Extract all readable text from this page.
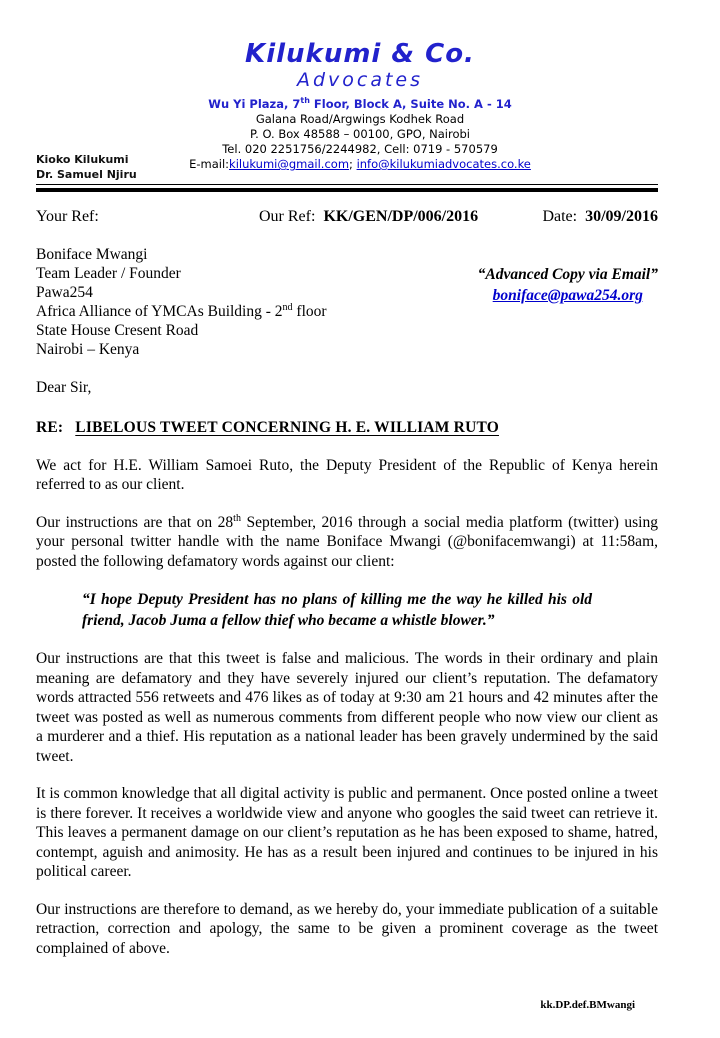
Kilukumi & Co.
Advocates
Wu Yi Plaza, 7th Floor, Block A, Suite No. A - 14
Galana Road/Argwings Kodhek Road
P. O. Box 48588 – 00100, GPO, Nairobi
Tel. 020 2251756/2244982, Cell: 0719 - 570579
E-mail:kilukumi@gmail.com; info@kilukumiadvocates.co.ke
Kioko Kilukumi
Dr. Samuel Njiru
Your Ref:	Our Ref: KK/GEN/DP/006/2016	Date: 30/09/2016
Boniface Mwangi
Team Leader / Founder
Pawa254
Africa Alliance of YMCAs Building - 2nd floor
State House Cresent Road
Nairobi – Kenya
“Advanced Copy via Email”
boniface@pawa254.org
Dear Sir,
RE: LIBELOUS TWEET CONCERNING H. E. WILLIAM RUTO

We act for H.E. William Samoei Ruto, the Deputy President of the Republic of Kenya herein referred to as our client.

Our instructions are that on 28th September, 2016 through a social media platform (twitter) using your personal twitter handle with the name Boniface Mwangi (@bonifacemwangi) at 11:58am, posted the following defamatory words against our client:

“I hope Deputy President has no plans of killing me the way he killed his old friend, Jacob Juma a fellow thief who became a whistle blower.”

Our instructions are that this tweet is false and malicious. The words in their ordinary and plain meaning are defamatory and they have severely injured our client’s reputation. The defamatory words attracted 556 retweets and 476 likes as of today at 9:30 am 21 hours and 42 minutes after the tweet was posted as well as numerous comments from different people who now view our client as a murderer and a thief. His reputation as a national leader has been gravely undermined by the said tweet.

It is common knowledge that all digital activity is public and permanent. Once posted online a tweet is there forever. It receives a worldwide view and anyone who googles the said tweet can retrieve it. This leaves a permanent damage on our client’s reputation as he has been exposed to shame, hatred, contempt, aguish and animosity. He has as a result been injured and continues to be injured in his political career.

Our instructions are therefore to demand, as we hereby do, your immediate publication of a suitable retraction, correction and apology, the same to be given a prominent coverage as the tweet complained of above.

kk.DP.def.BMwangi
